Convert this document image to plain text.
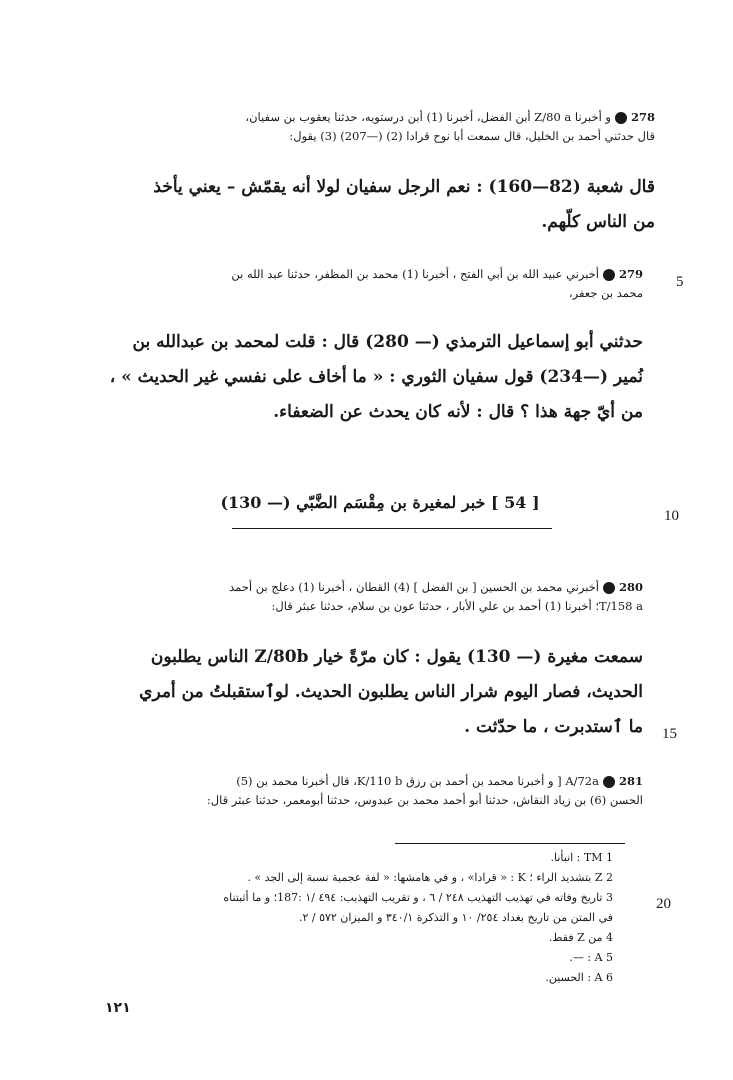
278و أخبرنا Z/80 a أبن الفضل، أخبرنا (1) أبن درستويه، حدثنا يعقوب بن سفيان،
قال حدثني أحمد بن الخليل، قال سمعت أبا نوح قرادا (2) (—207) (3) يقول:
قال شعبة (82—160) : نعم الرجل سفيان لولا أنه يقمّش – يعني يأخذ
من الناس كلّهم.
5
279أخبرني عبيد الله بن أبي الفتح ، أخبرنا (1) محمد بن المظفر، حدثنا عبد الله بن
محمد بن جعفر،
حدثني أبو إسماعيل الترمذي (— 280) قال : قلت لمحمد بن عبدالله بن
نُمير (—234) قول سفيان الثوري : « ما أخاف على نفسي غير الحديث » ،
من أيّ جهة هذا ؟ قال : لأنه كان يحدث عن الضعفاء.
10
[ 54 ] خبر لمغيرة بن مِقْسَم الضَّبّي (— 130)
280أخبرني محمد بن الحسين [ بن الفضل ] (4) القطان ، أخبرنا (1) دعلج بن أحمد
T/158 a؛ أخبرنا (1) أحمد بن علي الأبار ، حدثنا عون بن سلام، حدثنا عبثر قال:
سمعت مغيرة (— 130) يقول : كان مرّةً خيار Z/80b الناس يطلبون
الحديث، فصار اليوم شرار الناس يطلبون الحديث. لوٱستقبلتُ من أمري
ما ٱستدبرت ، ما حدّثت . 15
281A/72a [ و أخبرنا محمد بن أحمد بن رزق K/110 b، قال أخبرنا محمد بن (5)
الحسن (6) بن زياد النقاش، حدثنا أبو أحمد محمد بن عبدوس، حدثنا أبومعمر، حدثنا عبثر قال:
1 TM : انبأنا.
2 Z بتشديد الراء ؛ K : « قرادا» ، و في هامشها: « لفة عجمية نسبة إلى الجد » .
3 تاريخ وفاته في تهذيب التهذيب ٢٤٨ / ٦ ، و تقريب التهذيب: ٤٩٤ /١ :187؛ و ما أثبتناه
في المتن من تاريخ بغداد ٢٥٤/ ١٠ و التذكرة ٣٤٠/١ و الميزان ٥٧٢ / ٢.
4 من Z فقط.
5 A : —.
6 A : الحسين.
20
١٢١
